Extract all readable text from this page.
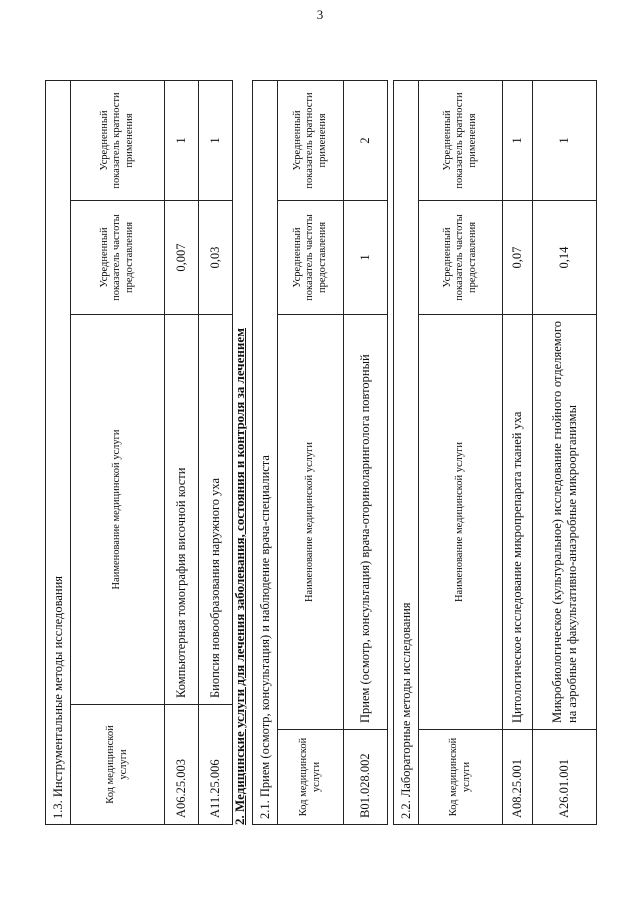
3
1.3. Инструментальные методы исследования			
Код медицинской услуги	Наименование медицинской услуги	Усредненный показатель частоты предоставления	Усредненный показатель кратности применения
A06.25.003	Компьютерная томография височной кости	0,007	1
A11.25.006	Биопсия новообразования наружного уха	0,03	1
2. Медицинские услуги для лечения заболевания, состояния и контроля за лечением 2.1. Прием (осмотр, консультация) и наблюдение врача-специалиста			
Код медицинской услуги	Наименование медицинской услуги	Усредненный показатель частоты предоставления	Усредненный показатель кратности применения
B01.028.002	Прием (осмотр, консультация) врача-оториноларинголога повторный	1	2
2.2. Лабораторные методы исследования			
Код медицинской услуги	Наименование медицинской услуги	Усредненный показатель частоты предоставления	Усредненный показатель кратности применения
A08.25.001	Цитологическое исследование микропрепарата тканей уха	0,07	1
A26.01.001	Микробиологическое (культуральное) исследование гнойного отделяемого на аэробные и факультативно-анаэробные микроорганизмы	0,14	1
